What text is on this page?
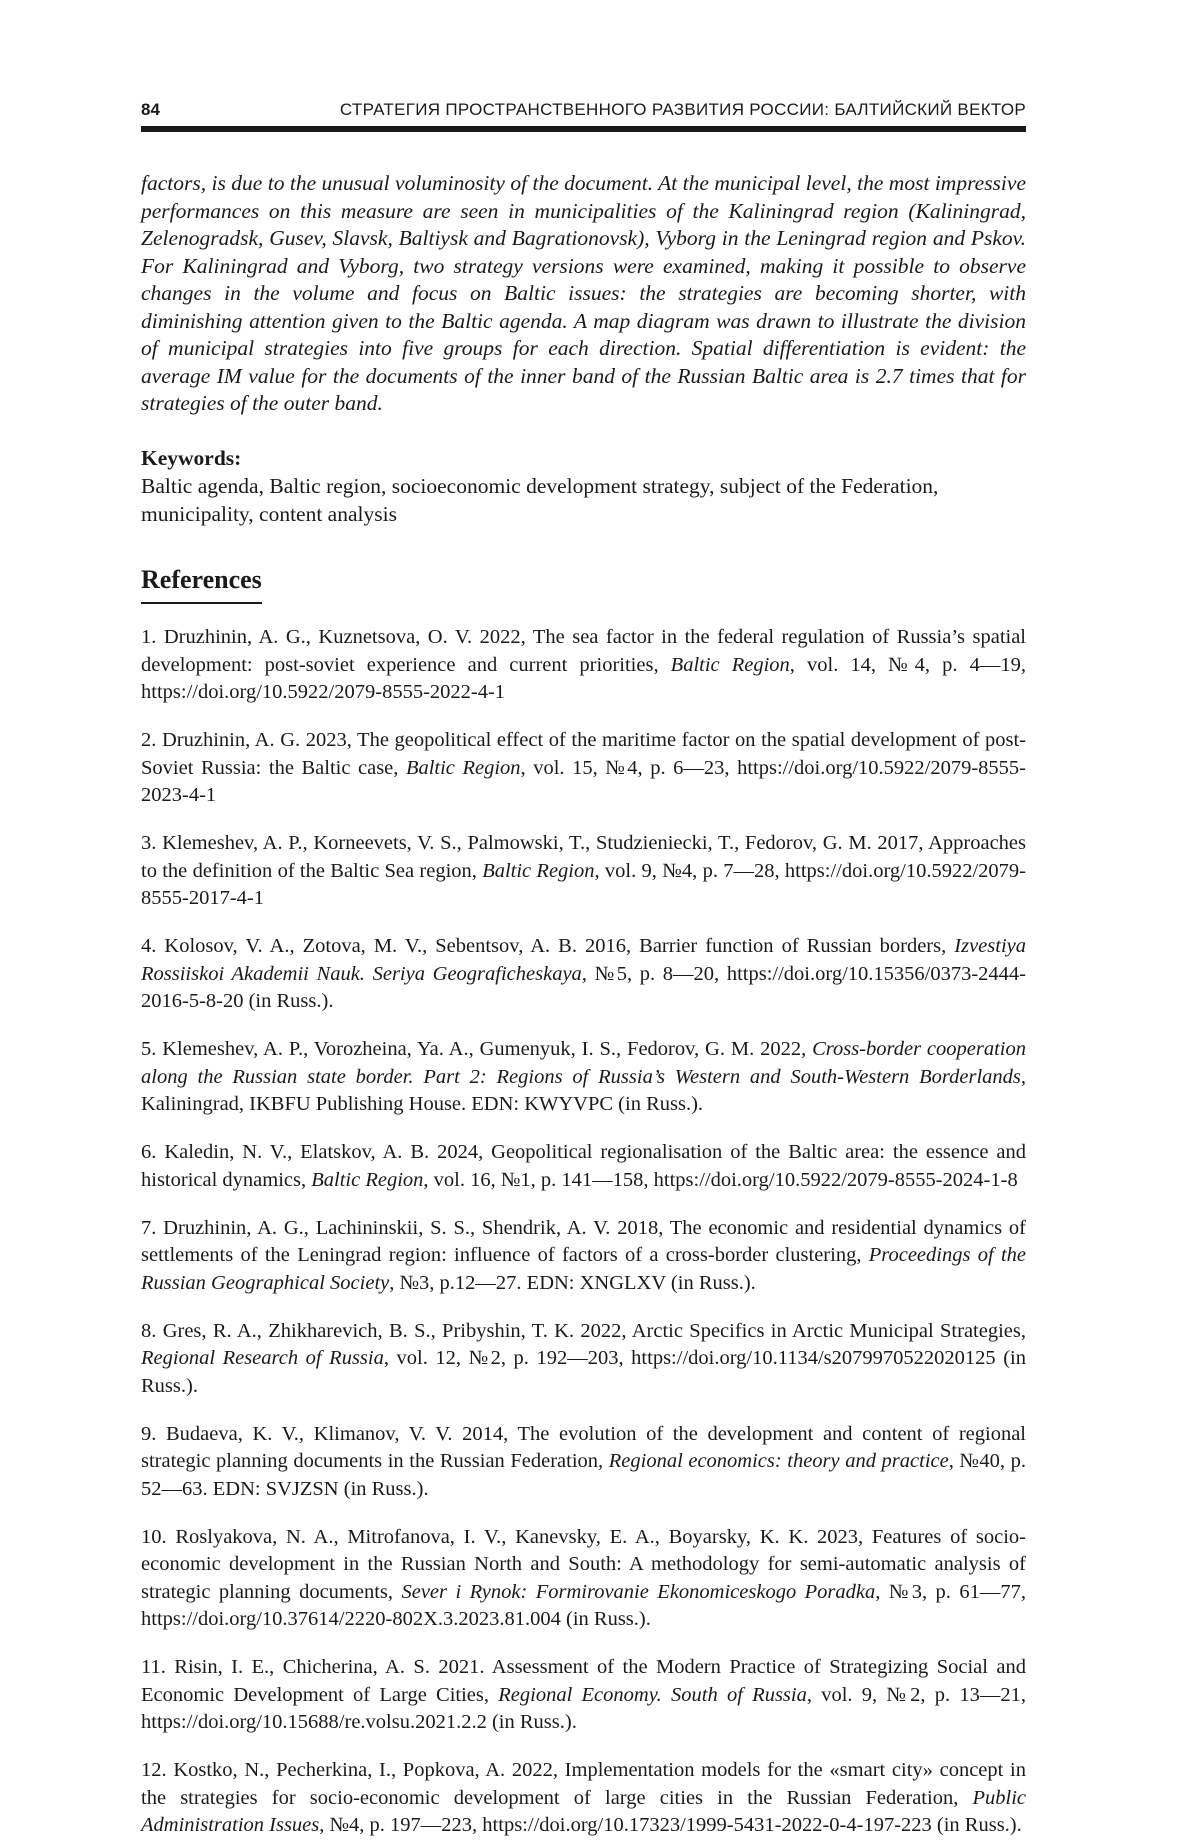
84	СТРАТЕГИЯ ПРОСТРАНСТВЕННОГО РАЗВИТИЯ РОССИИ: БАЛТИЙСКИЙ ВЕКТОР

factors, is due to the unusual voluminosity of the document. At the municipal level, the most impressive performances on this measure are seen in municipalities of the Kaliningrad region (Kaliningrad, Zelenogradsk, Gusev, Slavsk, Baltiysk and Bagrationovsk), Vyborg in the Leningrad region and Pskov. For Kaliningrad and Vyborg, two strategy versions were examined, making it possible to observe changes in the volume and focus on Baltic issues: the strategies are becoming shorter, with diminishing attention given to the Baltic agenda. A map diagram was drawn to illustrate the division of municipal strategies into five groups for each direction. Spatial differentiation is evident: the average IM value for the documents of the inner band of the Russian Baltic area is 2.7 times that for strategies of the outer band.

Keywords:
Baltic agenda, Baltic region, socioeconomic development strategy, subject of the Federation, municipality, content analysis
References

1. Druzhinin, A. G., Kuznetsova, O. V. 2022, The sea factor in the federal regulation of Russia’s spatial development: post-soviet experience and current priorities, Baltic Region, vol. 14, №4, p. 4—19, https://doi.org/10.5922/2079-8555-2022-4-1

2. Druzhinin, A. G. 2023, The geopolitical effect of the maritime factor on the spatial development of post-Soviet Russia: the Baltic case, Baltic Region, vol. 15, №4, p. 6—23, https://doi.org/10.5922/2079-8555-2023-4-1

3. Klemeshev, A. P., Korneevets, V. S., Palmowski, T., Studzieniecki, T., Fedorov, G. M. 2017, Approaches to the definition of the Baltic Sea region, Baltic Region, vol. 9, №4, p. 7—28, https://doi.org/10.5922/2079-8555-2017-4-1

4. Kolosov, V. A., Zotova, M. V., Sebentsov, A. B. 2016, Barrier function of Russian borders, Izvestiya Rossiiskoi Akademii Nauk. Seriya Geograficheskaya, №5, p. 8—20, https://doi.org/10.15356/0373-2444-2016-5-8-20 (in Russ.).

5. Klemeshev, A. P., Vorozheina, Ya. A., Gumenyuk, I. S., Fedorov, G. M. 2022, Cross-border cooperation along the Russian state border. Part 2: Regions of Russia’s Western and South-Western Borderlands, Kaliningrad, IKBFU Publishing House. EDN: KWYVPC (in Russ.).

6. Kaledin, N. V., Elatskov, A. B. 2024, Geopolitical regionalisation of the Baltic area: the essence and historical dynamics, Baltic Region, vol. 16, №1, p. 141—158, https://doi.org/10.5922/2079-8555-2024-1-8

7. Druzhinin, A. G., Lachininskii, S. S., Shendrik, A. V. 2018, The economic and residential dynamics of settlements of the Leningrad region: influence of factors of a cross-border clustering, Proceedings of the Russian Geographical Society, №3, p.12—27. EDN: XNGLXV (in Russ.).

8. Gres, R. A., Zhikharevich, B. S., Pribyshin, T. K. 2022, Arctic Specifics in Arctic Municipal Strategies, Regional Research of Russia, vol. 12, №2, p. 192—203, https://doi.org/10.1134/s2079970522020125 (in Russ.).

9. Budaeva, K. V., Klimanov, V. V. 2014, The evolution of the development and content of regional strategic planning documents in the Russian Federation, Regional economics: theory and practice, №40, p. 52—63. EDN: SVJZSN (in Russ.).

10. Roslyakova, N. A., Mitrofanova, I. V., Kanevsky, E. A., Boyarsky, K. K. 2023, Features of socio-economic development in the Russian North and South: A methodology for semi-automatic analysis of strategic planning documents, Sever i Rynok: Formirovanie Ekonomiceskogo Poradka, №3, p. 61—77, https://doi.org/10.37614/2220-802X.3.2023.81.004 (in Russ.).

11. Risin, I. E., Chicherina, A. S. 2021. Assessment of the Modern Practice of Strategizing Social and Economic Development of Large Cities, Regional Economy. South of Russia, vol. 9, №2, p. 13—21, https://doi.org/10.15688/re.volsu.2021.2.2 (in Russ.).

12. Kostko, N., Pecherkina, I., Popkova, A. 2022, Implementation models for the «smart city» concept in the strategies for socio-economic development of large cities in the Russian Federation, Public Administration Issues, №4, p. 197—223, https://doi.org/10.17323/1999-5431-2022-0-4-197-223 (in Russ.).
